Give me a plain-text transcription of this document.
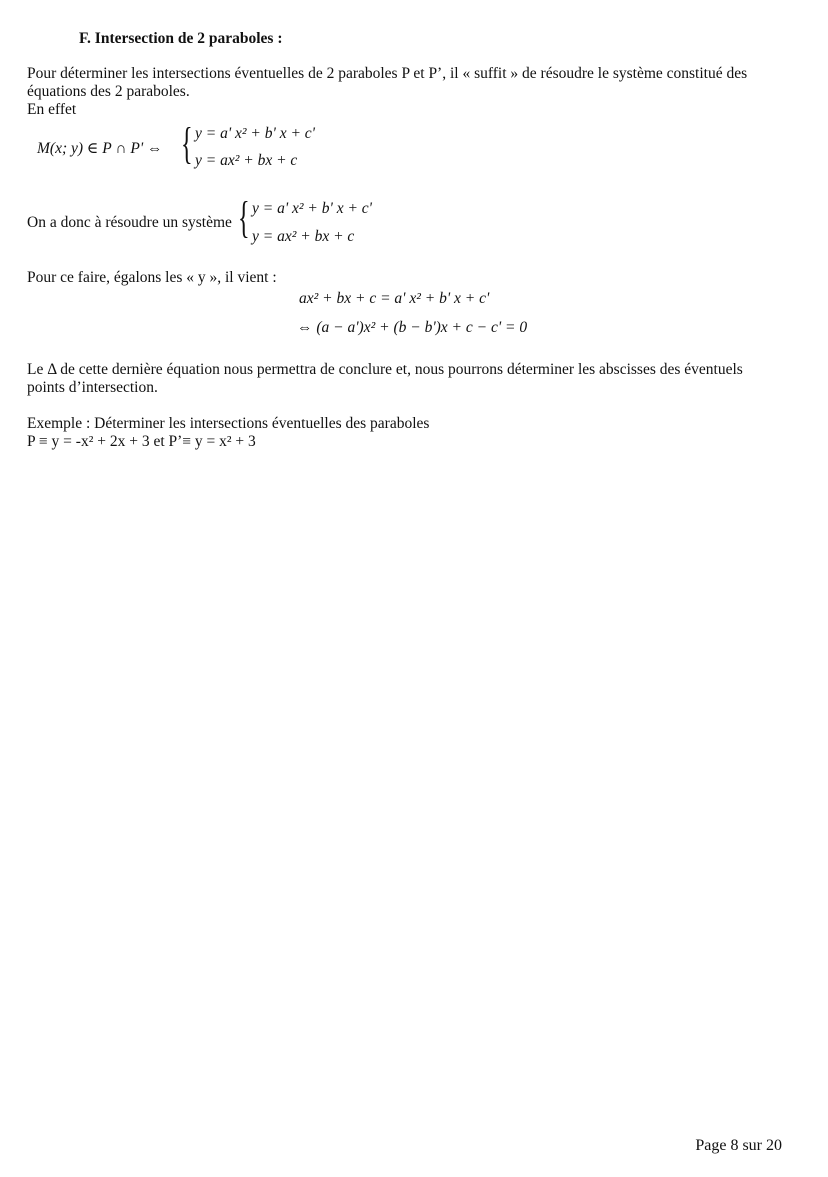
F. Intersection de 2 paraboles :
Pour déterminer les intersections éventuelles de 2 paraboles P et P’, il « suffit » de résoudre le système constitué des
équations des 2 paraboles.
En effet
M(x; y) ∈ P ∩ P' ⇔ { y = a' x² + b' x + c'
y = ax² + bx + c
On a donc à résoudre un système { y = a' x² + b' x + c'
y = ax² + bx + c
Pour ce faire, égalons les « y », il vient :
ax² + bx + c = a' x² + b' x + c'
⇔ (a − a')x² + (b − b')x + c − c' = 0
Le Δ de cette dernière équation nous permettra de conclure et, nous pourrons déterminer les abscisses des éventuels
points d’intersection.
Exemple : Déterminer les intersections éventuelles des paraboles
P ≡ y = -x² + 2x + 3 et P’≡ y = x² + 3
Page 8 sur 20
